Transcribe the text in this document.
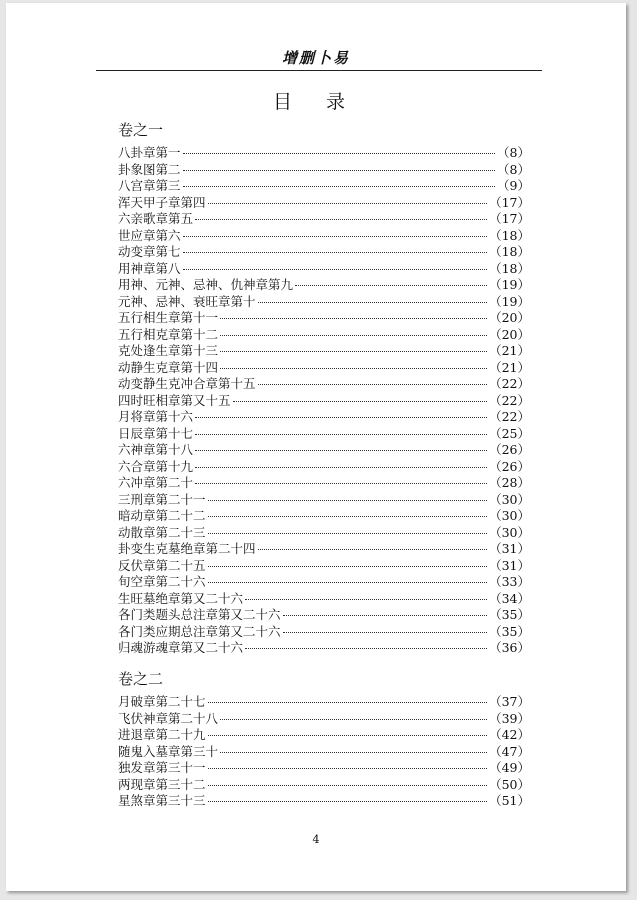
增删卜易
目 录
卷之一
八卦章第一	（8）
卦象图第二	（8）
八宫章第三	（9）
浑天甲子章第四	（17）
六亲歌章第五	（17）
世应章第六	（18）
动变章第七	（18）
用神章第八	（18）
用神、元神、忌神、仇神章第九	（19）
元神、忌神、衰旺章第十	（19）
五行相生章第十一	（20）
五行相克章第十二	（20）
克处逢生章第十三	（21）
动静生克章第十四	（21）
动变静生克冲合章第十五	（22）
四时旺相章第又十五	（22）
月将章第十六	（22）
日辰章第十七	（25）
六神章第十八	（26）
六合章第十九	（26）
六冲章第二十	（28）
三刑章第二十一	（30）
暗动章第二十二	（30）
动散章第二十三	（30）
卦变生克墓绝章第二十四	（31）
反伏章第二十五	（31）
旬空章第二十六	（33）
生旺墓绝章第又二十六	（34）
各门类题头总注章第又二十六	（35）
各门类应期总注章第又二十六	（35）
归魂游魂章第又二十六	（36）
卷之二
月破章第二十七	（37）
飞伏神章第二十八	（39）
进退章第二十九	（42）
随鬼入墓章第三十	（47）
独发章第三十一	（49）
两现章第三十二	（50）
星煞章第三十三	（51）
4
